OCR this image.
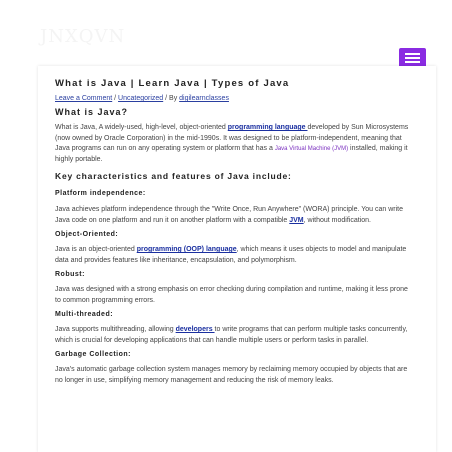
JNXQVN
What is Java | Learn Java | Types of Java
Leave a Comment / Uncategorized / By digilearnclasses
What is Java?

What is Java, A widely-used, high-level, object-oriented programming language developed by Sun Microsystems (now owned by Oracle Corporation) in the mid-1990s. It was designed to be platform-independent, meaning that Java programs can run on any operating system or platform that has a Java Virtual Machine (JVM) installed, making it highly portable.

Key characteristics and features of Java include:
Platform independence:

Java achieves platform independence through the "Write Once, Run Anywhere" (WORA) principle. You can write Java code on one platform and run it on another platform with a compatible JVM, without modification.

Object-Oriented:

Java is an object-oriented programming (OOP) language, which means it uses objects to model and manipulate data and provides features like inheritance, encapsulation, and polymorphism.

Robust:

Java was designed with a strong emphasis on error checking during compilation and runtime, making it less prone to common programming errors.

Multi-threaded:

Java supports multithreading, allowing developers to write programs that can perform multiple tasks concurrently, which is crucial for developing applications that can handle multiple users or perform tasks in parallel.

Garbage Collection:

Java's automatic garbage collection system manages memory by reclaiming memory occupied by objects that are no longer in use, simplifying memory management and reducing the risk of memory leaks.
